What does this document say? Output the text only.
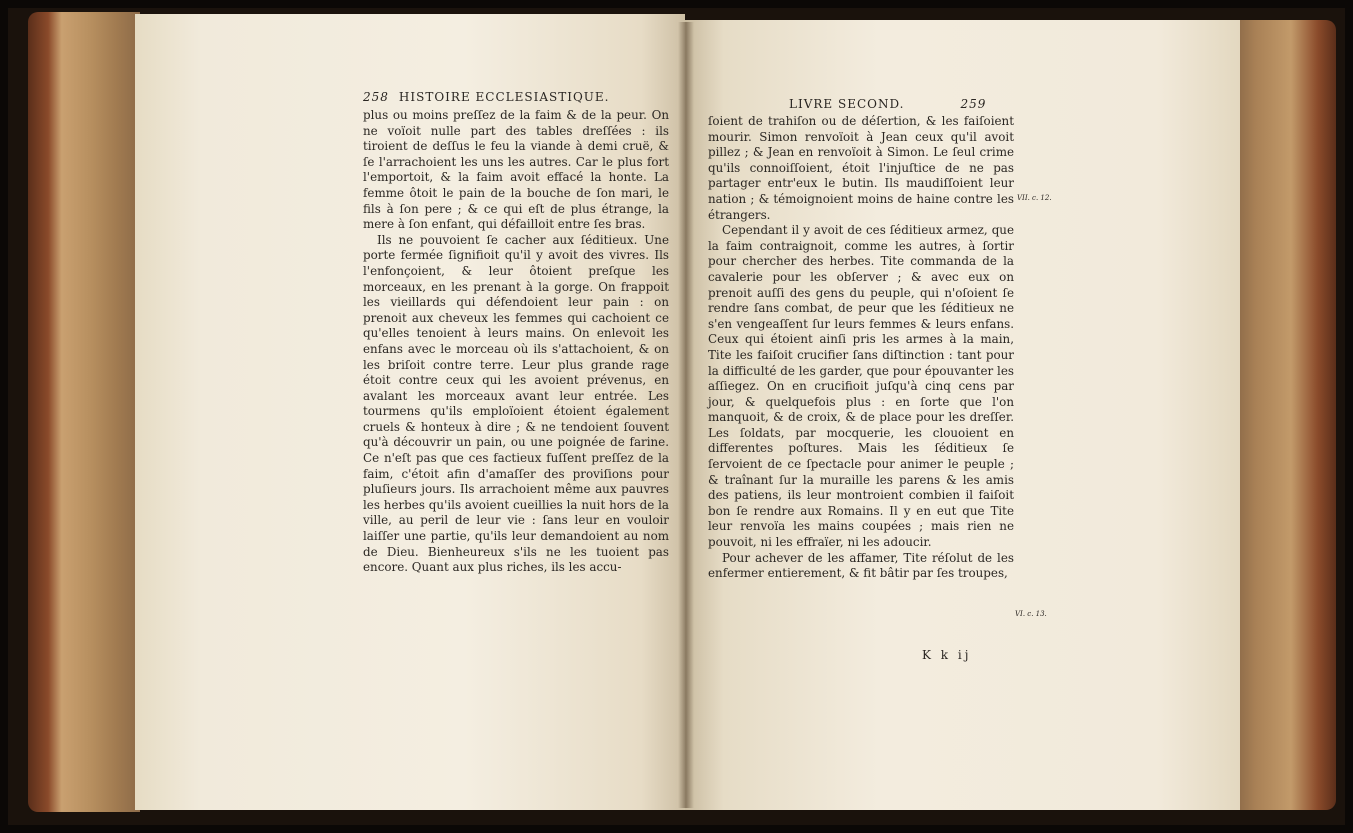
258 HISTOIRE ECCLESIASTIQUE.

plus ou moins preſſez de la faim & de la peur. On ne voïoit nulle part des tables dreſſées : ils tiroient de deſſus le feu la viande à demi cruë, & ſe l'arrachoient les uns les autres. Car le plus fort l'emportoit, & la faim avoit effacé la honte. La femme ôtoit le pain de la bouche de ſon mari, le fils à ſon pere ; & ce qui eſt de plus étrange, la mere à ſon enfant, qui défailloit entre ſes bras.

Ils ne pouvoient ſe cacher aux ſéditieux. Une porte fermée ſignifioit qu'il y avoit des vivres. Ils l'enfonçoient, & leur ôtoient preſque les morceaux, en les prenant à la gorge. On frappoit les vieillards qui défendoient leur pain : on prenoit aux cheveux les femmes qui cachoient ce qu'elles tenoient à leurs mains. On enlevoit les enfans avec le morceau où ils s'attachoient, & on les briſoit contre terre. Leur plus grande rage étoit contre ceux qui les avoient prévenus, en avalant les morceaux avant leur entrée. Les tourmens qu'ils emploïoient étoient également cruels & honteux à dire ; & ne tendoient ſouvent qu'à découvrir un pain, ou une poignée de farine. Ce n'eſt pas que ces factieux fuſſent preſſez de la faim, c'étoit afin d'amaſſer des proviſions pour pluſieurs jours. Ils arrachoient même aux pauvres les herbes qu'ils avoient cueillies la nuit hors de la ville, au peril de leur vie : ſans leur en vouloir laiſſer une partie, qu'ils leur demandoient au nom de Dieu. Bienheureux s'ils ne les tuoient pas encore. Quant aux plus riches, ils les accu-

LIVRE SECOND.	259

ſoient de trahiſon ou de déſertion, & les faiſoient mourir. Simon renvoïoit à Jean ceux qu'il avoit pillez ; & Jean en renvoïoit à Simon. Le ſeul crime qu'ils connoiſſoient, étoit l'injuſtice de ne pas partager entr'eux le butin. Ils maudiſſoient leur nation ; & témoignoient moins de haine contre les étrangers.

Cependant il y avoit de ces ſéditieux armez, que la faim contraignoit, comme les autres, à ſortir pour chercher des herbes. Tite commanda de la cavalerie pour les obſerver ; & avec eux on prenoit auſſi des gens du peuple, qui n'oſoient ſe rendre ſans combat, de peur que les ſéditieux ne s'en vengeaſſent ſur leurs femmes & leurs enfans. Ceux qui étoient ainſi pris les armes à la main, Tite les faiſoit crucifier ſans diſtinction : tant pour la difficulté de les garder, que pour épouvanter les aſſiegez. On en crucifioit juſqu'à cinq cens par jour, & quelquefois plus : en ſorte que l'on manquoit, & de croix, & de place pour les dreſſer. Les ſoldats, par mocquerie, les clouoient en differentes poſtures. Mais les ſéditieux ſe ſervoient de ce ſpectacle pour animer le peuple ; & traînant ſur la muraille les parens & les amis des patiens, ils leur montroient combien il faiſoit bon ſe rendre aux Romains. Il y en eut que Tite leur renvoïa les mains coupées ; mais rien ne pouvoit, ni les effraïer, ni les adoucir.

Pour achever de les affamer, Tite réſolut de les enfermer entierement, & fit bâtir par ſes troupes,

VII. c. 12.
VI. c. 13.
K k ij
